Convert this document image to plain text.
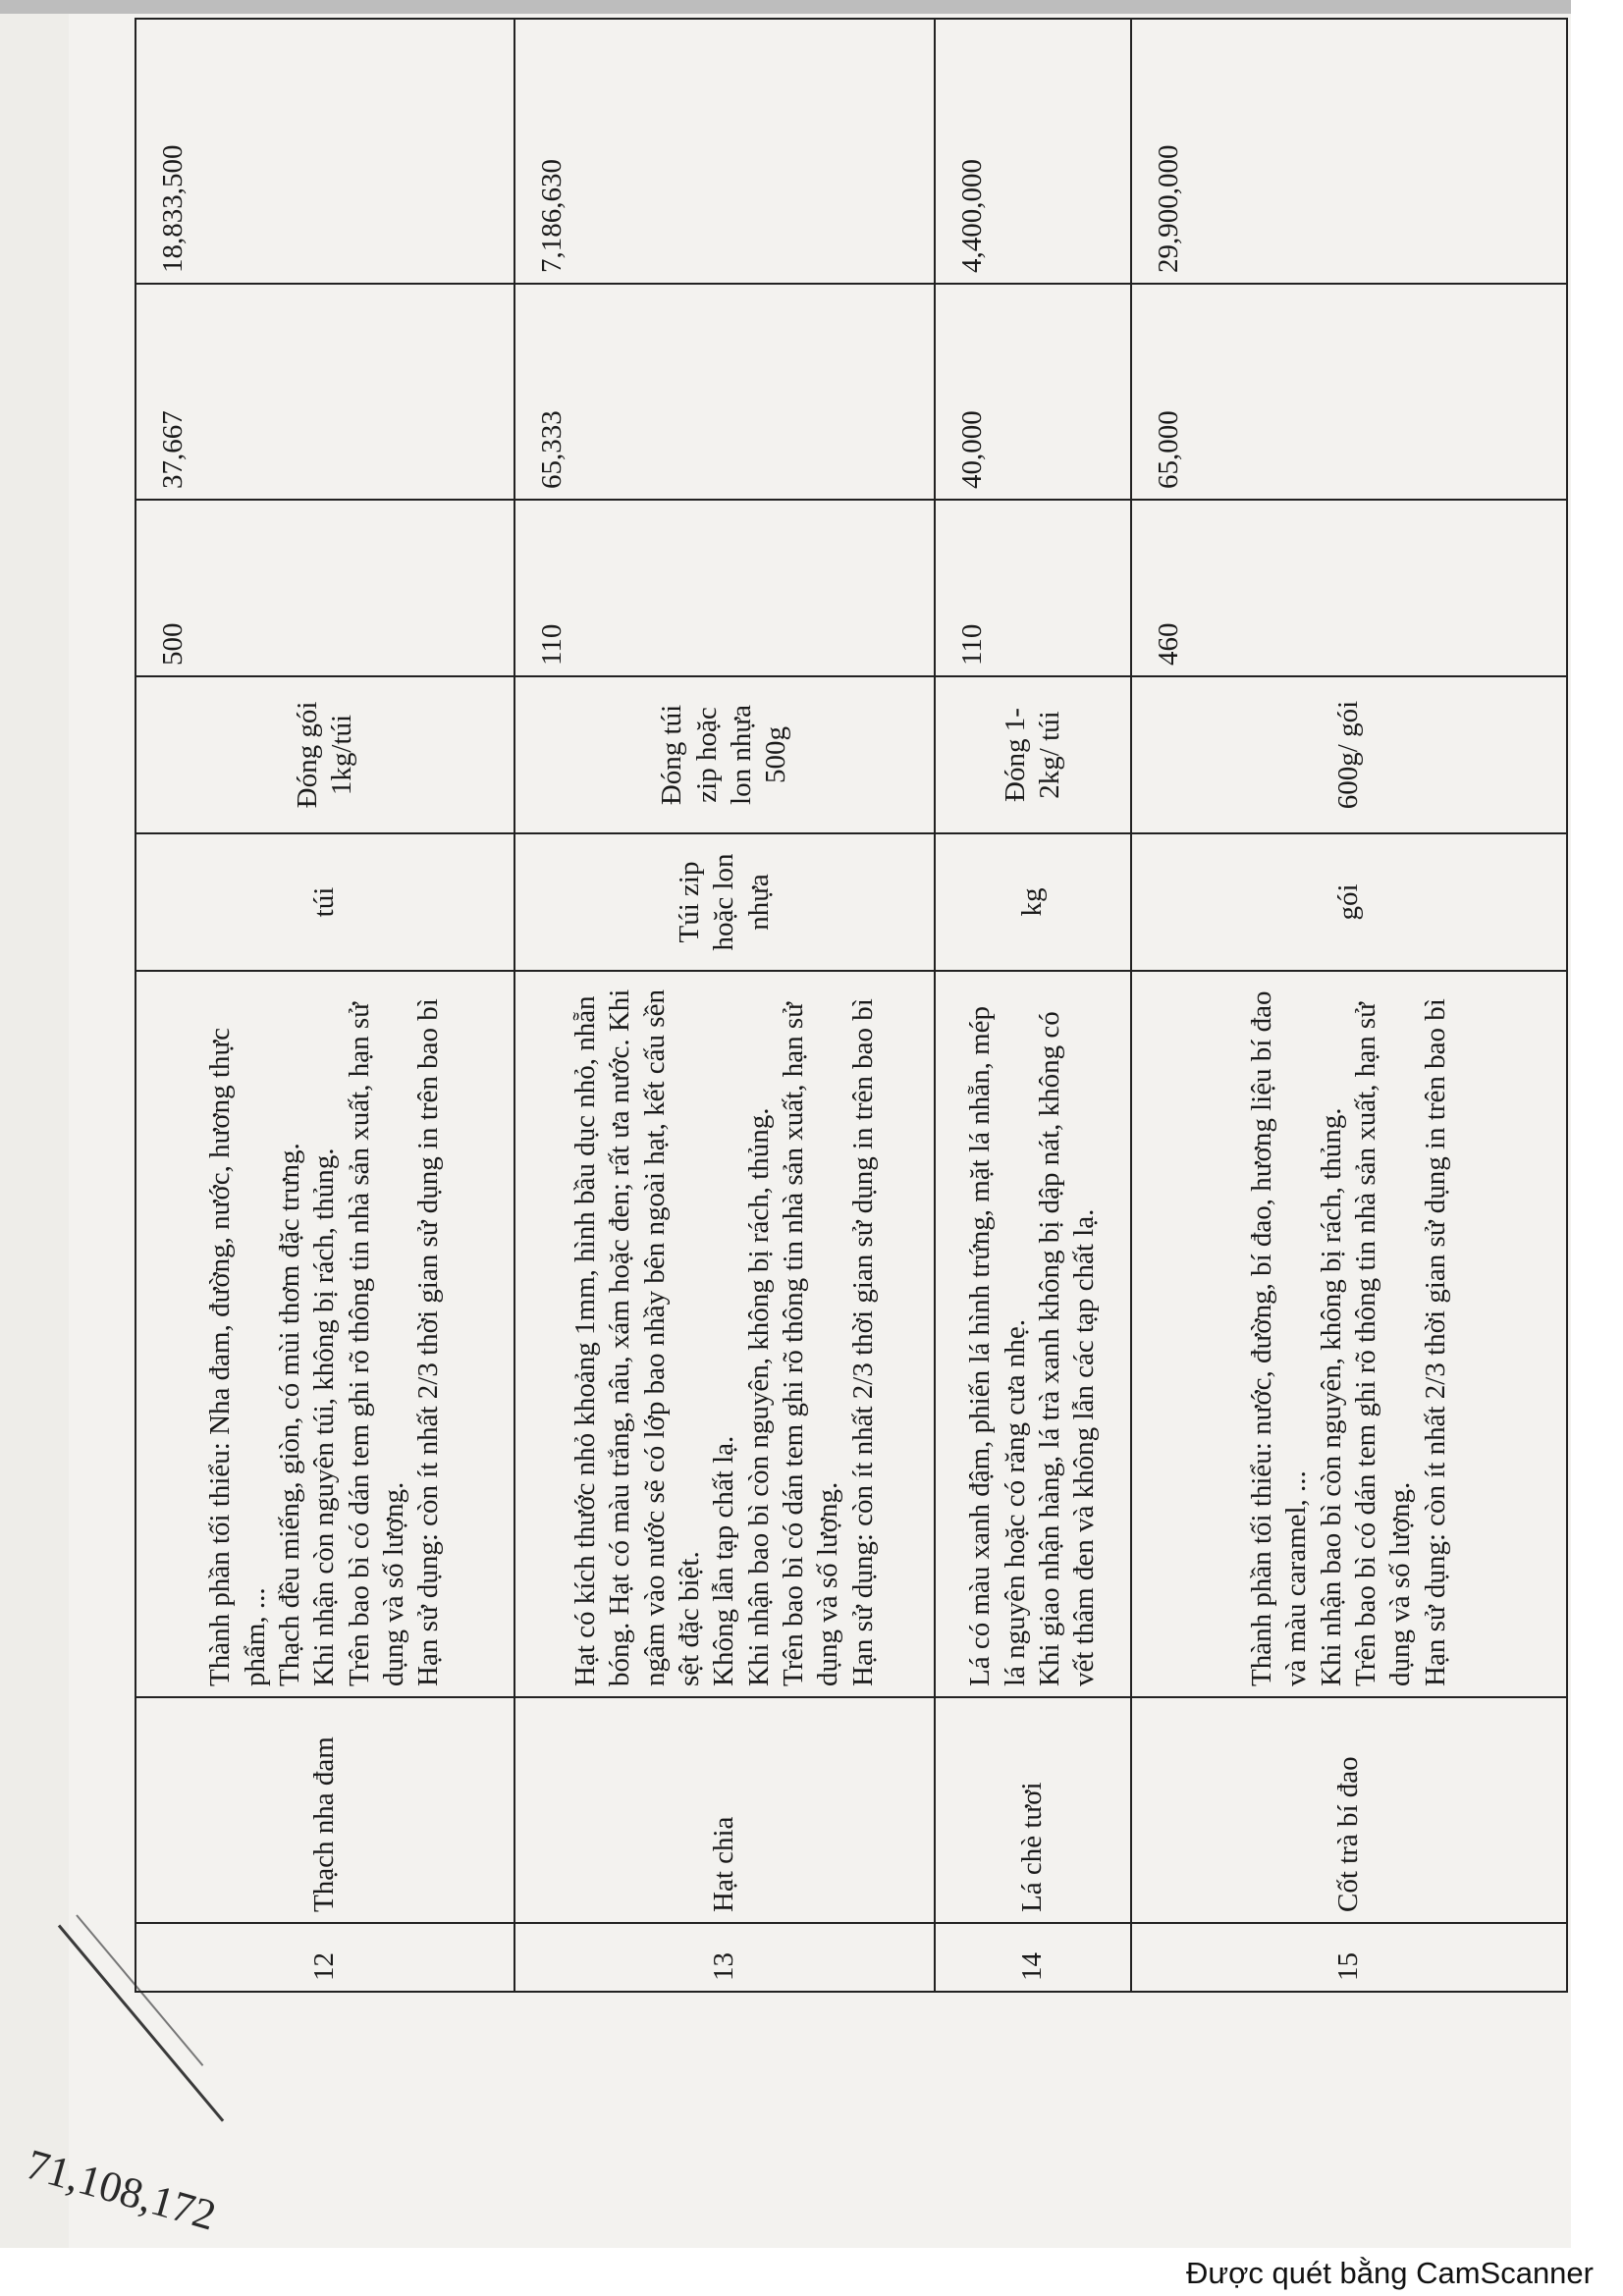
71,108,172
12	Thạch nha đam	Thành phần tối thiểu: Nha đam, đường, nước, hương thực phẩm, ... Thạch đều miếng, giòn, có mùi thơm đặc trưng. Khi nhận còn nguyên túi, không bị rách, thủng. Trên bao bì có dán tem ghi rõ thông tin nhà sản xuất, hạn sử dụng và số lượng. Hạn sử dụng: còn ít nhất 2/3 thời gian sử dụng in trên bao bì	túi	Đóng gói 1kg/túi	500	37,667	18,833,500
13	Hạt chia	Hạt có kích thước nhỏ khoảng 1mm, hình bầu dục nhỏ, nhẵn bóng. Hạt có màu trắng, nâu, xám hoặc đen; rất ưa nước. Khi ngâm vào nước sẽ có lớp bao nhầy bên ngoài hạt, kết cấu sền sệt đặc biệt. Không lẫn tạp chất lạ. Khi nhận bao bì còn nguyên, không bị rách, thủng. Trên bao bì có dán tem ghi rõ thông tin nhà sản xuất, hạn sử dụng và số lượng. Hạn sử dụng: còn ít nhất 2/3 thời gian sử dụng in trên bao bì	Túi zip hoặc lon nhựa	Đóng túi zip hoặc lon nhựa 500g	110	65,333	7,186,630
14	Lá chè tươi	Lá có màu xanh đậm, phiến lá hình trứng, mặt lá nhẵn, mép lá nguyên hoặc có răng cưa nhẹ. Khi giao nhận hàng, lá trà xanh không bị dập nát, không có vết thâm đen và không lẫn các tạp chất lạ.	kg	Đóng 1-2kg/ túi	110	40,000	4,400,000
15	Cốt trà bí đao	Thành phần tối thiểu: nước, đường, bí đao, hương liệu bí đao và màu caramel, ... Khi nhận bao bì còn nguyên, không bị rách, thủng. Trên bao bì có dán tem ghi rõ thông tin nhà sản xuất, hạn sử dụng và số lượng. Hạn sử dụng: còn ít nhất 2/3 thời gian sử dụng in trên bao bì	gói	600g/ gói	460	65,000	29,900,000
Được quét bằng CamScanner
